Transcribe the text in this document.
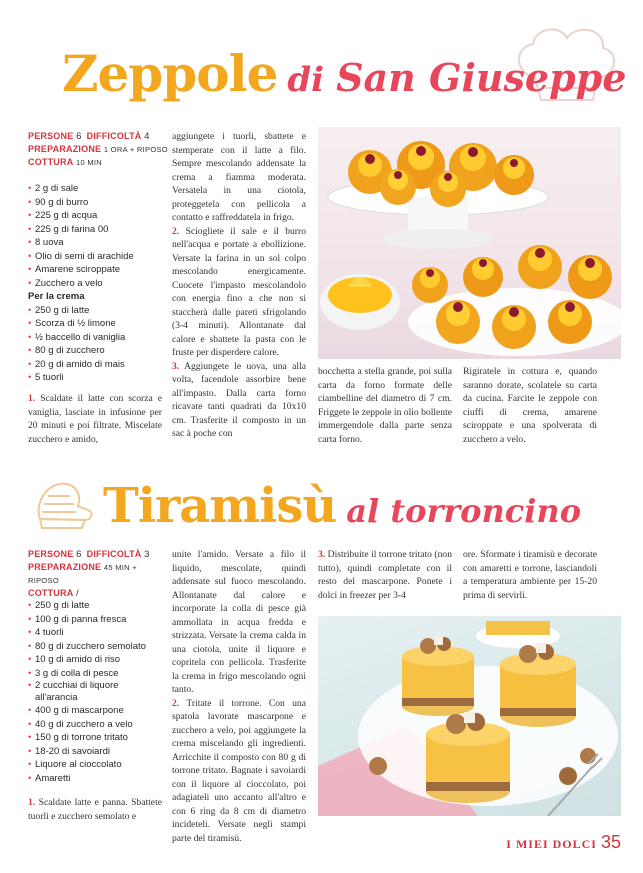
Zeppole di San Giuseppe
PERSONE 6 DIFFICOLTÀ 4
PREPARAZIONE 1 ORA + RIPOSO
COTTURA 10 MIN
• 2 g di sale
• 90 g di burro
• 225 g di acqua
• 225 g di farina 00
• 8 uova
• Olio di semi di arachide
• Amarene sciroppate
• Zucchero a velo
Per la crema
• 250 g di latte
• Scorza di ½ limone
• ½ baccello di vaniglia
• 80 g di zucchero
• 20 g di amido di mais
• 5 tuorli

1. Scaldate il latte con scorza e vaniglia, lasciate in infusione per 20 minuti e poi filtrate. Miscelate zucchero e amido,

aggiungete i tuorli, sbattete e stemperate con il latte a filo. Sempre mescolando addensate la crema a fiamma moderata. Versatela in una ciotola, proteggetela con pellicola a contatto e raffreddatela in frigo.

2. Sciogliete il sale e il burro nell'acqua e portate a ebollizione. Versate la farina in un sol colpo mescolando energicamente. Cuocete l'impasto mescolandolo con energia fino a che non si staccherà dalle pareti sfrigolando (3-4 minuti). Allontanate dal calore e sbattete la pasta con le fruste per disperdere calore.

3. Aggiungete le uova, una alla volta, facendole assorbire bene all'impasto. Dalla carta forno ricavate tanti quadrati da 10x10 cm. Trasferite il composto in un sac à poche con

bocchetta a stella grande, poi sulla carta da forno formate delle ciambelline del diametro di 7 cm. Friggete le zeppole in olio bollente immergendole dalla parte senza carta forno.

Rigiratele in cottura e, quando saranno dorate, scolatele su carta da cucina. Farcite le zeppole con ciuffi di crema, amarene sciroppate e una spolverata di zucchero a velo.

Tiramisù al torroncino
PERSONE 6 DIFFICOLTÀ 3
PREPARAZIONE 45 MIN + RIPOSO
COTTURA /
• 250 g di latte
• 100 g di panna fresca
• 4 tuorli
• 80 g di zucchero semolato
• 10 g di amido di riso
• 3 g di colla di pesce
• 2 cucchiai di liquore all'arancia
• 400 g di mascarpone
• 40 g di zucchero a velo
• 150 g di torrone tritato
• 18-20 di savoiardi
• Liquore al cioccolato
• Amaretti

1. Scaldate latte e panna. Sbattete tuorli e zucchero semolato e

unite l'amido. Versate a filo il liquido, mescolate, quindi addensate sul fuoco mescolando. Allontanate dal calore e incorporate la colla di pesce già ammollata in acqua fredda e strizzata. Versate la crema calda in una ciotola, unite il liquore e copritela con pellicola. Trasferite la crema in frigo mescolando ogni tanto.

2. Tritate il torrone. Con una spatola lavorate mascarpone e zucchero a velo, poi aggiungete la crema miscelando gli ingredienti. Arricchite il composto con 80 g di torrone tritato. Bagnate i savoiardi con il liquore al cioccolato, poi adagiateli uno accanto all'altro e con 6 ring da 8 cm di diametro incideteli. Versate negli stampi parte del tiramisù.

3. Distribuite il torrone tritato (non tutto), quindi completate con il resto del mascarpone. Ponete i dolci in freezer per 3-4

ore. Sformate i tiramisù e decorate con amaretti e torrone, lasciandoli a temperatura ambiente per 15-20 prima di servirli.

I MIEI DOLCI 35
